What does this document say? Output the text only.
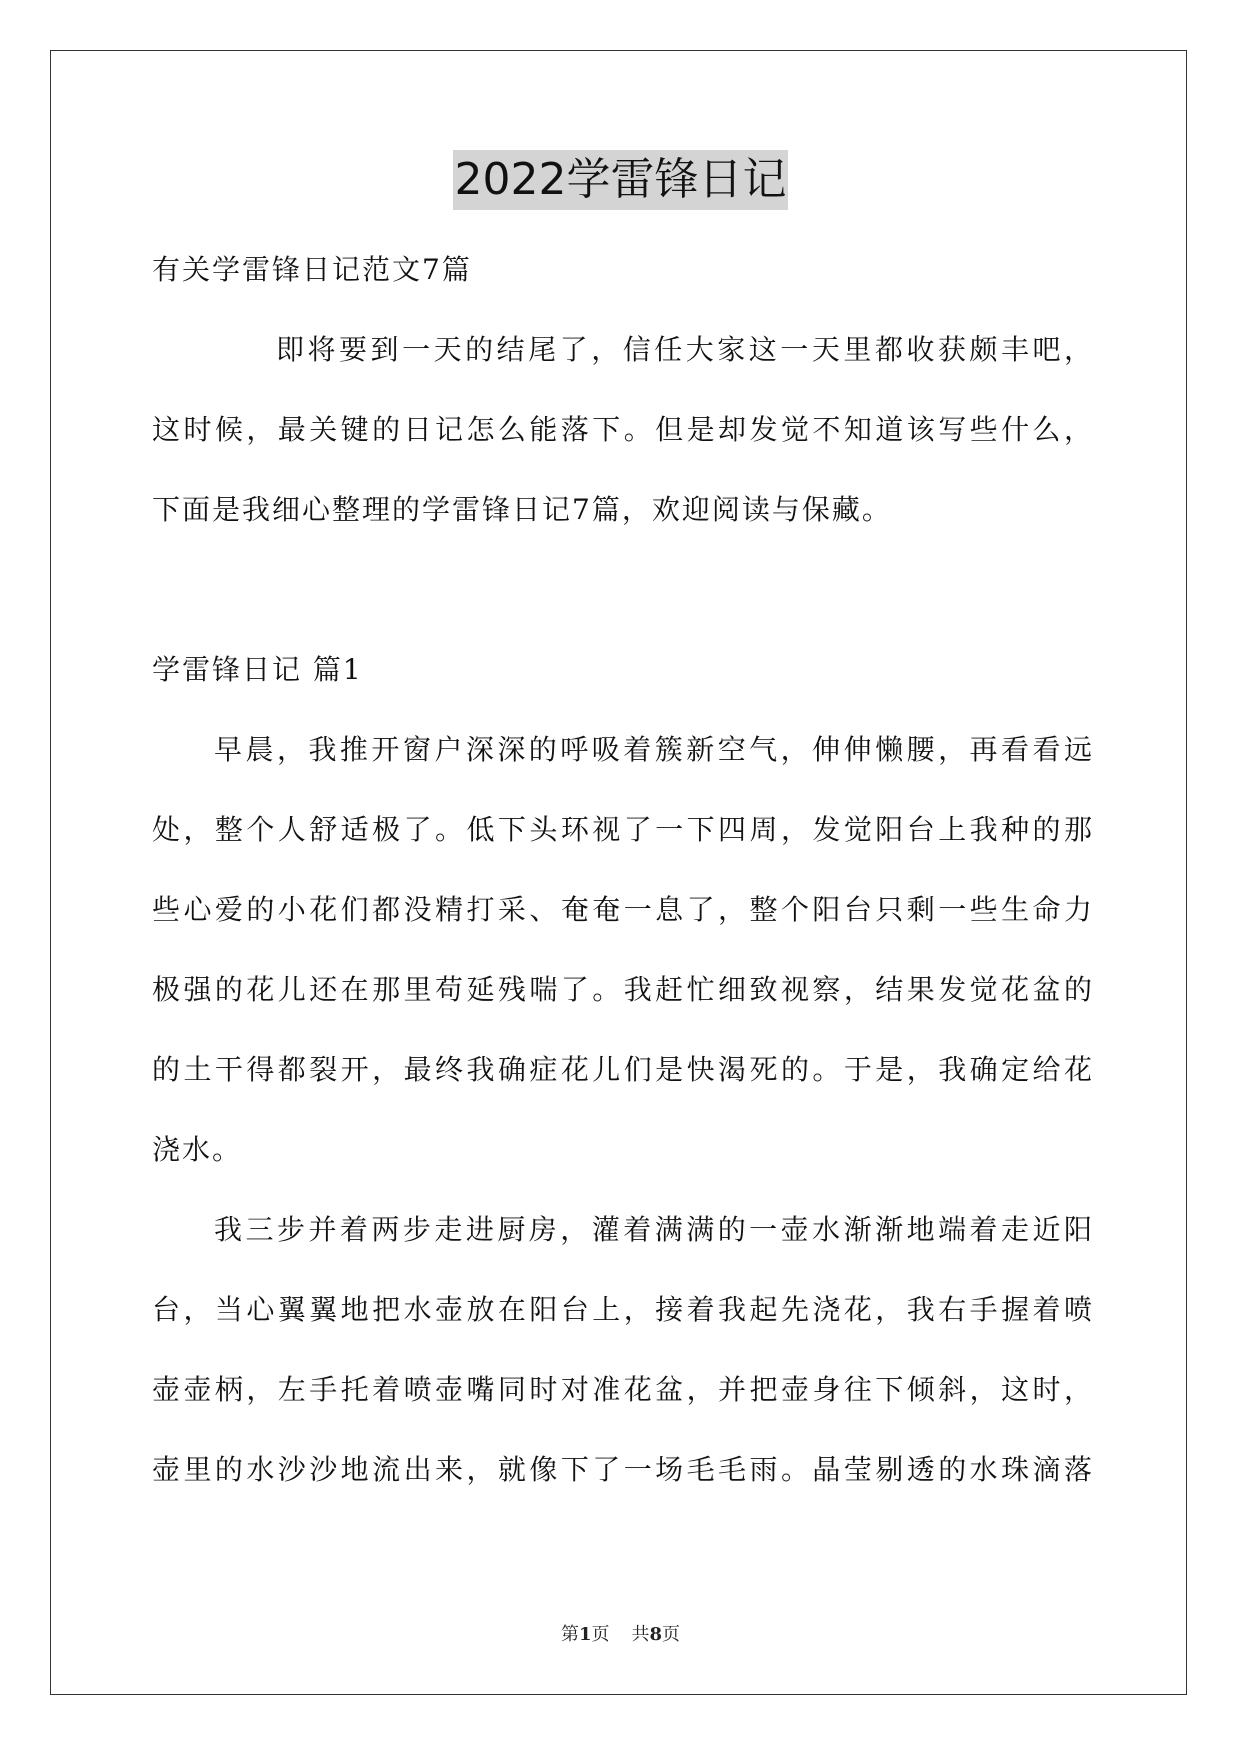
2022学雷锋日记
有关学雷锋日记范文7篇
即将要到一天的结尾了，信任大家这一天里都收获颇丰吧，
这时候，最关键的日记怎么能落下。但是却发觉不知道该写些什么，
下面是我细心整理的学雷锋日记7篇，欢迎阅读与保藏。
学雷锋日记 篇1
早晨，我推开窗户深深的呼吸着簇新空气，伸伸懒腰，再看看远
处，整个人舒适极了。低下头环视了一下四周，发觉阳台上我种的那
些心爱的小花们都没精打采、奄奄一息了，整个阳台只剩一些生命力
极强的花儿还在那里苟延残喘了。我赶忙细致视察，结果发觉花盆的
的土干得都裂开，最终我确症花儿们是快渴死的。于是，我确定给花
浇水。
我三步并着两步走进厨房，灌着满满的一壶水渐渐地端着走近阳
台，当心翼翼地把水壶放在阳台上，接着我起先浇花，我右手握着喷
壶壶柄，左手托着喷壶嘴同时对准花盆，并把壶身往下倾斜，这时，
壶里的水沙沙地流出来，就像下了一场毛毛雨。晶莹剔透的水珠滴落
第1页 共8页
